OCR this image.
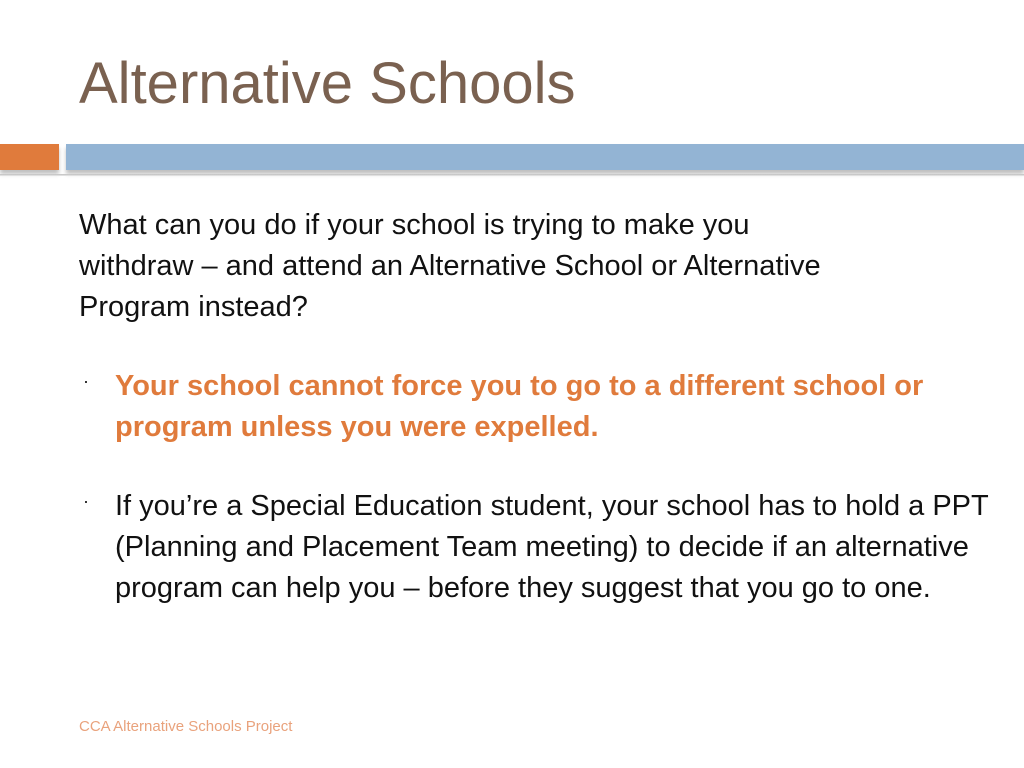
Alternative Schools

What can you do if your school is trying to make you withdraw – and attend an Alternative School or Alternative Program instead?

· Your school cannot force you to go to a different school or program unless you were expelled.
· If you’re a Special Education student, your school has to hold a PPT (Planning and Placement Team meeting) to decide if an alternative program can help you – before they suggest that you go to one.
CCA Alternative Schools Project
